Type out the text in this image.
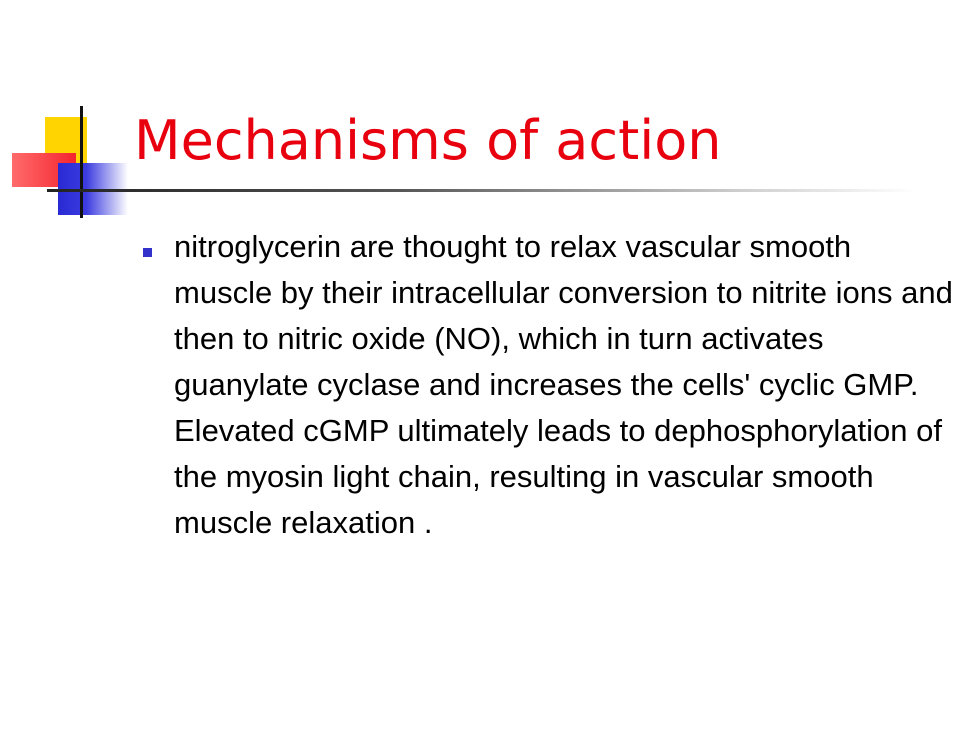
Mechanisms of action
nitroglycerin are thought to relax vascular smooth muscle by their intracellular conversion to nitrite ions and then to nitric oxide (NO), which in turn activates guanylate cyclase and increases the cells' cyclic GMP. Elevated cGMP ultimately leads to dephosphorylation of the myosin light chain, resulting in vascular smooth muscle relaxation .
